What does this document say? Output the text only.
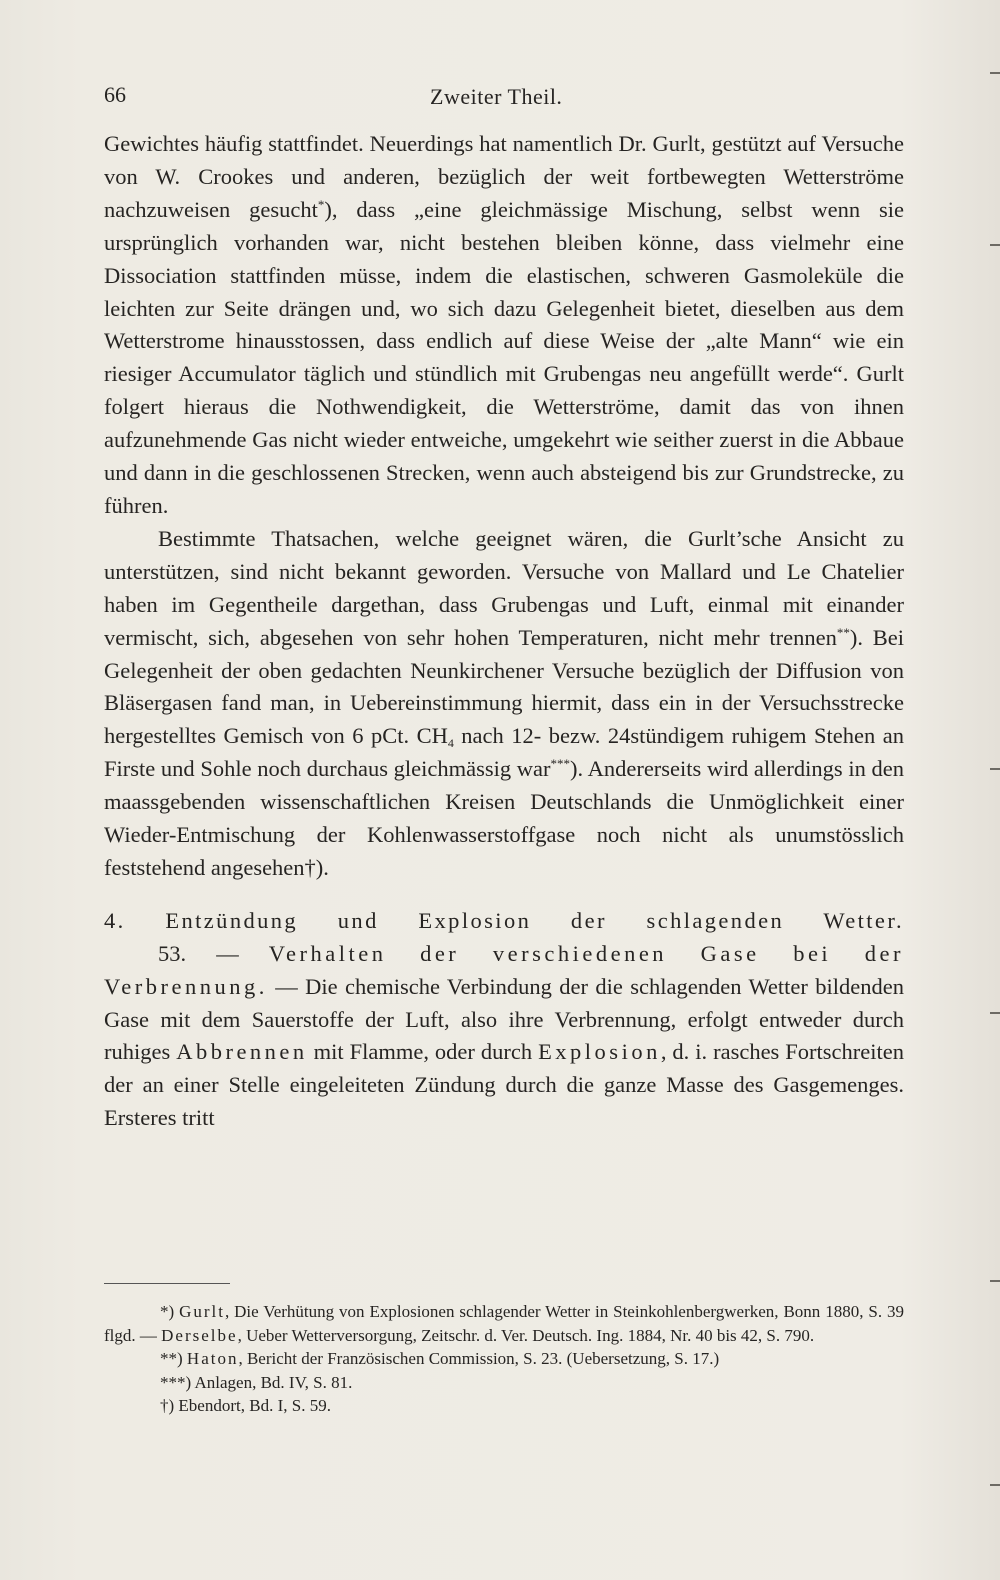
66	Zweiter Theil.

Gewichtes häufig stattfindet. Neuerdings hat namentlich Dr. Gurlt, gestützt auf Versuche von W. Crookes und anderen, bezüglich der weit fortbewegten Wetterströme nachzuweisen gesucht*), dass „eine gleichmässige Mischung, selbst wenn sie ursprünglich vorhanden war, nicht bestehen bleiben könne, dass vielmehr eine Dissociation stattfinden müsse, indem die elastischen, schweren Gasmoleküle die leichten zur Seite drängen und, wo sich dazu Gelegenheit bietet, dieselben aus dem Wetterstrome hinausstossen, dass endlich auf diese Weise der „alte Mann“ wie ein riesiger Accumulator täglich und stündlich mit Grubengas neu angefüllt werde“. Gurlt folgert hieraus die Nothwendigkeit, die Wetterströme, damit das von ihnen aufzunehmende Gas nicht wieder entweiche, umgekehrt wie seither zuerst in die Abbaue und dann in die geschlossenen Strecken, wenn auch absteigend bis zur Grundstrecke, zu führen.

Bestimmte Thatsachen, welche geeignet wären, die Gurlt’sche Ansicht zu unterstützen, sind nicht bekannt geworden. Versuche von Mallard und Le Chatelier haben im Gegentheile dargethan, dass Grubengas und Luft, einmal mit einander vermischt, sich, abgesehen von sehr hohen Temperaturen, nicht mehr trennen**). Bei Gelegenheit der oben gedachten Neunkirchener Versuche bezüglich der Diffusion von Bläsergasen fand man, in Uebereinstimmung hiermit, dass ein in der Versuchsstrecke hergestelltes Gemisch von 6 pCt. $CH_4$ nach 12- bezw. 24stündigem ruhigem Stehen an Firste und Sohle noch durchaus gleichmässig war***). Andererseits wird allerdings in den maassgebenden wissenschaftlichen Kreisen Deutschlands die Unmöglichkeit einer Wieder-Entmischung der Kohlenwasserstoffgase noch nicht als unumstösslich feststehend angesehen†).

4. Entzündung und Explosion der schlagenden Wetter.

53. — Verhalten der verschiedenen Gase bei der Verbrennung. — Die chemische Verbindung der die schlagenden Wetter bildenden Gase mit dem Sauerstoffe der Luft, also ihre Verbrennung, erfolgt entweder durch ruhiges Abbrennen mit Flamme, oder durch Explosion, d. i. rasches Fortschreiten der an einer Stelle eingeleiteten Zündung durch die ganze Masse des Gasgemenges. Ersteres tritt

*) Gurlt, Die Verhütung von Explosionen schlagender Wetter in Steinkohlenbergwerken, Bonn 1880, S. 39 flgd. — Derselbe, Ueber Wetterversorgung, Zeitschr. d. Ver. Deutsch. Ing. 1884, Nr. 40 bis 42, S. 790.

**) Haton, Bericht der Französischen Commission, S. 23. (Uebersetzung, S. 17.)

***) Anlagen, Bd. IV, S. 81.

†) Ebendort, Bd. I, S. 59.
